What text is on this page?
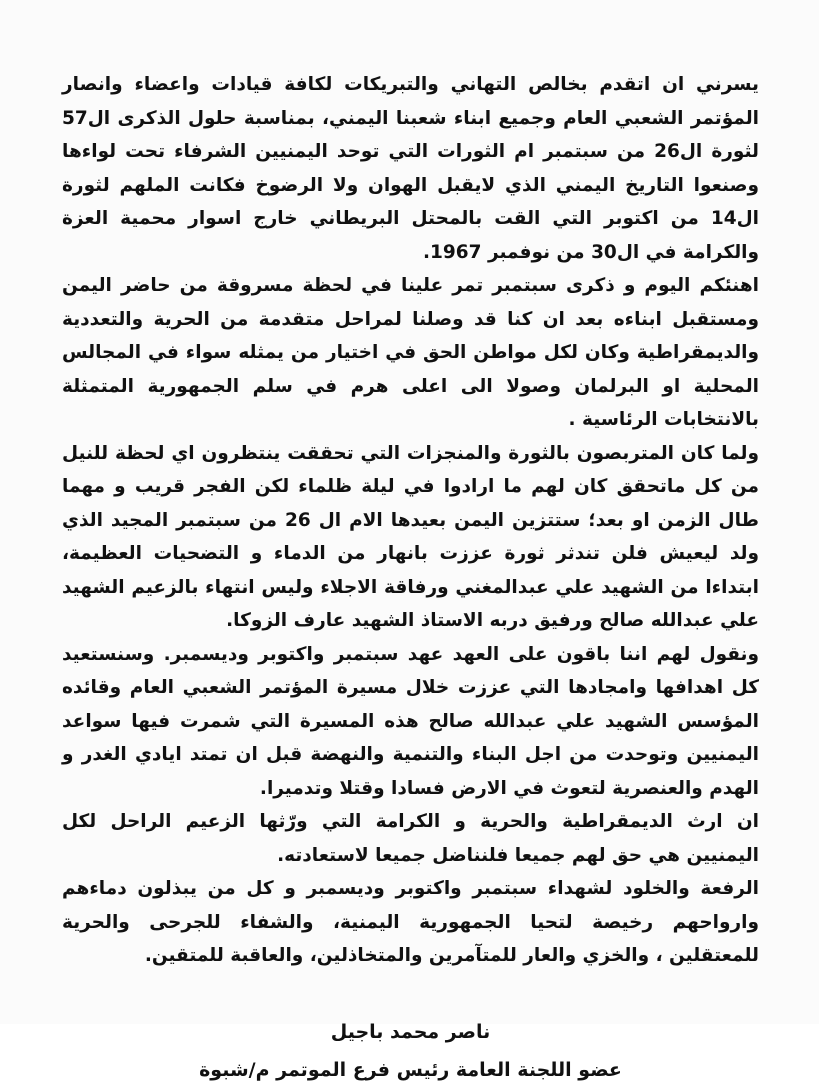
يسرني ان اتقدم بخالص التهاني والتبريكات لكافة قيادات واعضاء وانصار المؤتمر الشعبي العام وجميع ابناء شعبنا اليمني، بمناسبة حلول الذكرى ال57 لثورة ال26 من سبتمبر ام الثورات التي توحد اليمنيين الشرفاء تحت لواءها وصنعوا التاريخ اليمني الذي لايقبل الهوان ولا الرضوخ فكانت الملهم لثورة ال14 من اكتوبر التي القت بالمحتل البريطاني خارج اسوار محمية العزة والكرامة في ال30 من نوفمبر 1967.

اهنئكم اليوم و ذكرى سبتمبر تمر علينا في لحظة مسروقة من حاضر اليمن ومستقبل ابناءه بعد ان كنا قد وصلنا لمراحل متقدمة من الحرية والتعددية والديمقراطية وكان لكل مواطن الحق في اختيار من يمثله سواء في المجالس المحلية او البرلمان وصولا الى اعلى هرم في سلم الجمهورية المتمثلة بالانتخابات الرئاسية .

ولما كان المتربصون بالثورة والمنجزات التي تحققت ينتظرون اي لحظة للنيل من كل ماتحقق كان لهم ما ارادوا في ليلة ظلماء لكن الفجر قريب و مهما طال الزمن او بعد؛ ستتزين اليمن بعيدها الام ال 26 من سبتمبر المجيد الذي ولد ليعيش فلن تندثر ثورة عززت بانهار من الدماء و التضحيات العظيمة، ابتداءا من الشهيد علي عبدالمغني ورفاقة الاجلاء وليس انتهاء بالزعيم الشهيد علي عبدالله صالح ورفيق دربه الاستاذ الشهيد عارف الزوكا.

ونقول لهم اننا باقون على العهد عهد سبتمبر واكتوبر وديسمبر. وسنستعيد كل اهدافها وامجادها التي عززت خلال مسيرة المؤتمر الشعبي العام وقائده المؤسس الشهيد علي عبدالله صالح هذه المسيرة التي شمرت فيها سواعد اليمنيين وتوحدت من اجل البناء والتنمية والنهضة قبل ان تمتد ايادي الغدر و الهدم والعنصرية لتعوث في الارض فسادا وقتلا وتدميرا.

ان ارث الديمقراطية والحرية و الكرامة التي ورّثها الزعيم الراحل لكل اليمنيين هي حق لهم جميعا فلنناضل جميعا لاستعادته.

الرفعة والخلود لشهداء سبتمبر واكتوبر وديسمبر و كل من يبذلون دماءهم وارواحهم رخيصة لتحيا الجمهورية اليمنية، والشفاء للجرحى والحرية للمعتقلين ، والخزي والعار للمتآمرين والمتخاذلين، والعاقبة للمتقين.

ناصر محمد باجيل
عضو اللجنة العامة رئيس فرع الموتمر م/شبوة
